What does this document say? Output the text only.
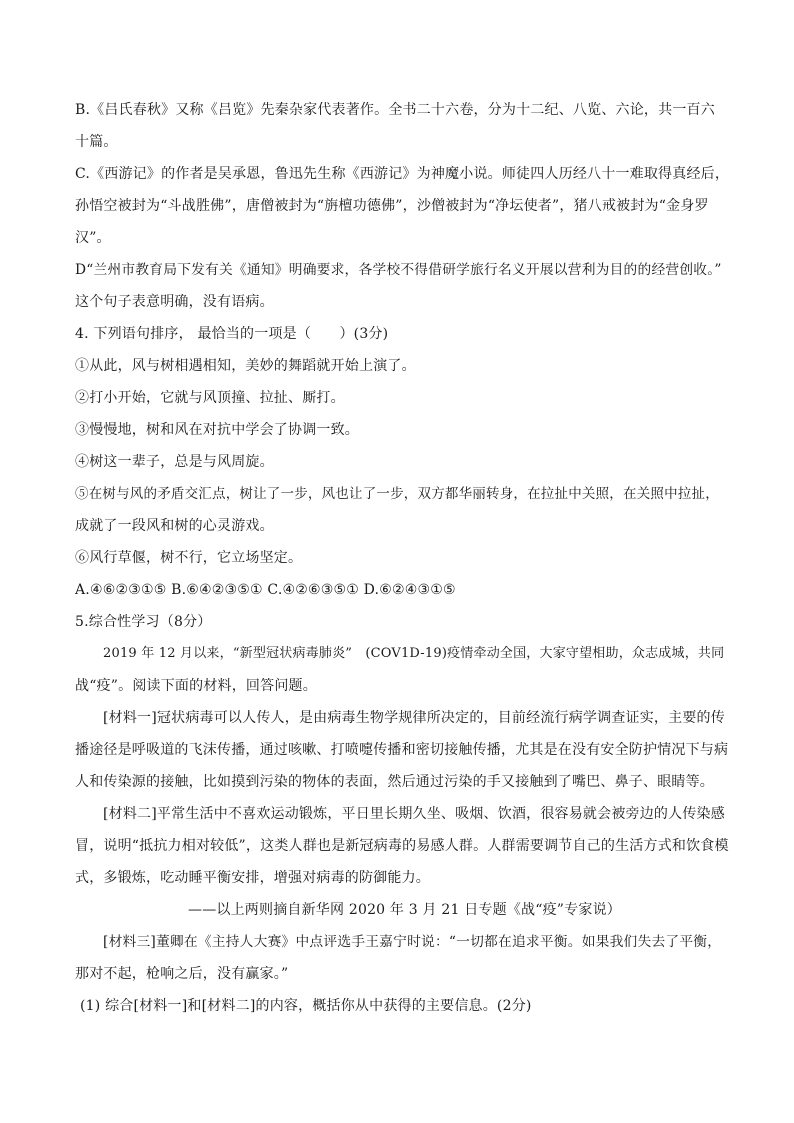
B.《吕氏春秋》又称《吕览》先秦杂家代表著作。全书二十六卷，分为十二纪、八览、六论，共一百六
十篇。
C.《西游记》的作者是吴承恩，鲁迅先生称《西游记》为神魔小说。师徒四人历经八十一难取得真经后，
孙悟空被封为“斗战胜佛”，唐僧被封为“旃檀功德佛”，沙僧被封为“净坛使者”，猪八戒被封为“金身罗
汉”。
D“兰州市教育局下发有关《通知》明确要求，各学校不得借研学旅行名义开展以营利为目的的经营创收。”
这个句子表意明确，没有语病。
4. 下列语句排序， 最恰当的一项是（　　）(3分)
①从此，风与树相遇相知，美妙的舞蹈就开始上演了。
②打小开始，它就与风顶撞、拉扯、厮打。
③慢慢地，树和风在对抗中学会了协调一致。
④树这一辈子，总是与风周旋。
⑤在树与风的矛盾交汇点，树让了一步，风也让了一步，双方都华丽转身，在拉扯中关照，在关照中拉扯，
成就了一段风和树的心灵游戏。
⑥风行草偃，树不行，它立场坚定。
A.④⑥②③①⑤ B.⑥④②③⑤① C.④②⑥③⑤① D.⑥②④③①⑤
5.综合性学习（8分）
2019 年 12 月以来，“新型冠状病毒肺炎”　(COV1D-19)疫情牵动全国，大家守望相助，众志成城，共同
战“疫”。阅读下面的材料，回答问题。
[材料一]冠状病毒可以人传人，是由病毒生物学规律所决定的，目前经流行病学调查证实，主要的传
播途径是呼吸道的飞沫传播，通过咳嗽、打喷嚏传播和密切接触传播，尤其是在没有安全防护情况下与病
人和传染源的接触，比如摸到污染的物体的表面，然后通过污染的手又接触到了嘴巴、鼻子、眼睛等。
[材料二]平常生活中不喜欢运动锻炼，平日里长期久坐、吸烟、饮酒，很容易就会被旁边的人传染感
冒，说明“抵抗力相对较低”，这类人群也是新冠病毒的易感人群。人群需要调节自己的生活方式和饮食模
式，多锻炼，吃动睡平衡安排，增强对病毒的防御能力。
——以上两则摘自新华网 2020 年 3 月 21 日专题《战“疫”专家说）
[材料三]董卿在《主持人大赛》中点评选手王嘉宁时说：“一切都在追求平衡。如果我们失去了平衡，
那对不起，枪响之后，没有赢家。”
(1) 综合[材料一]和[材料二]的内容，概括你从中获得的主要信息。(2分)
